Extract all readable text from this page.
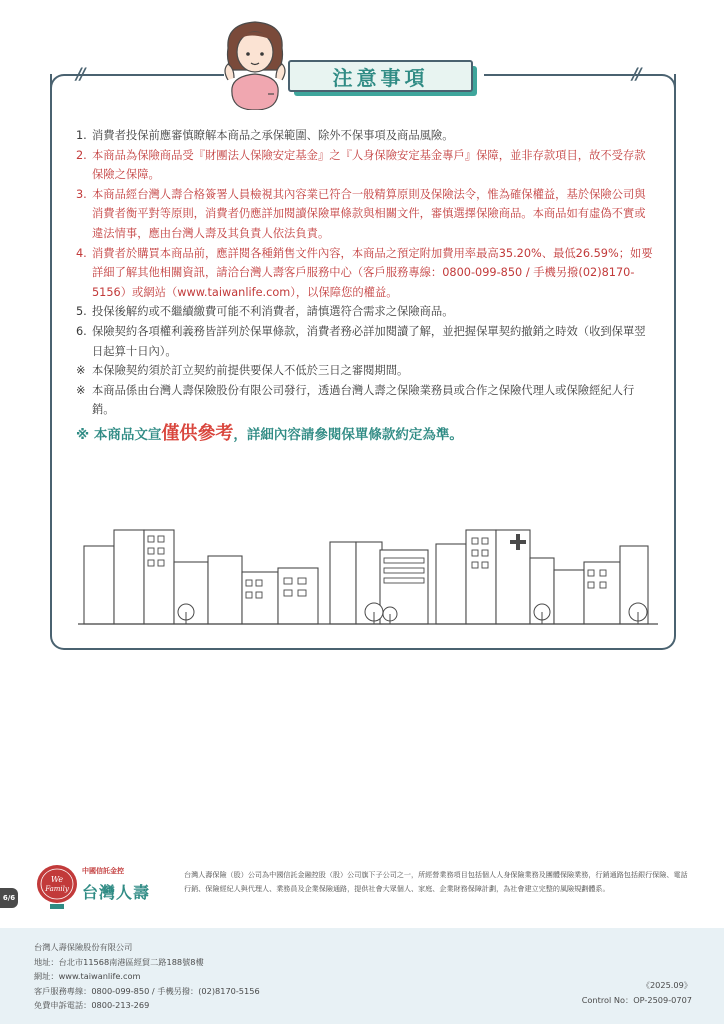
//	//
注意事項
1. 消費者投保前應審慎瞭解本商品之承保範圍、除外不保事項及商品風險。
2. 本商品為保險商品受『財團法人保險安定基金』之『人身保險安定基金專戶』保障，並非存款項目，故不受存款保險之保障。
3. 本商品經台灣人壽合格簽署人員檢視其內容業已符合一般精算原則及保險法令，惟為確保權益，基於保險公司與消費者衡平對等原則，消費者仍應詳加閱讀保險單條款與相關文件，審慎選擇保險商品。本商品如有虛偽不實或違法情事，應由台灣人壽及其負責人依法負責。
4. 消費者於購買本商品前，應詳閱各種銷售文件內容，本商品之預定附加費用率最高35.20%、最低26.59%；如要詳細了解其他相關資訊，請洽台灣人壽客戶服務中心（客戶服務專線：0800-099-850 / 手機另撥(02)8170-5156）或網站（www.taiwanlife.com），以保障您的權益。
5. 投保後解約或不繼續繳費可能不利消費者，請慎選符合需求之保險商品。
6. 保險契約各項權利義務皆詳列於保單條款，消費者務必詳加閱讀了解，並把握保單契約撤銷之時效（收到保單翌日起算十日內）。
※ 本保險契約須於訂立契約前提供要保人不低於三日之審閱期間。
※ 本商品係由台灣人壽保險股份有限公司發行，透過台灣人壽之保險業務員或合作之保險代理人或保險經紀人行銷。
※ 本商品文宣僅供參考，詳細內容請參閱保單條款約定為準。
6/6
We
Family
中國信託金控
台灣人壽
台灣人壽保險（股）公司為中國信託金融控股（股）公司旗下子公司之一，所經營業務項目包括個人人身保險業務及團體保險業務，行銷通路包括銀行保險、電話行銷、保險經紀人與代理人、業務員及企業保險通路，提供社會大眾個人、家庭、企業財務保障計劃，為社會建立完整的風險規劃體系。
台灣人壽保險股份有限公司
地址：台北市11568南港區經貿二路188號8樓
網址：www.taiwanlife.com
客戶服務專線：0800-099-850 / 手機另撥：(02)8170-5156
免費申訴電話：0800-213-269
《2025.09》
Control No：OP-2509-0707
